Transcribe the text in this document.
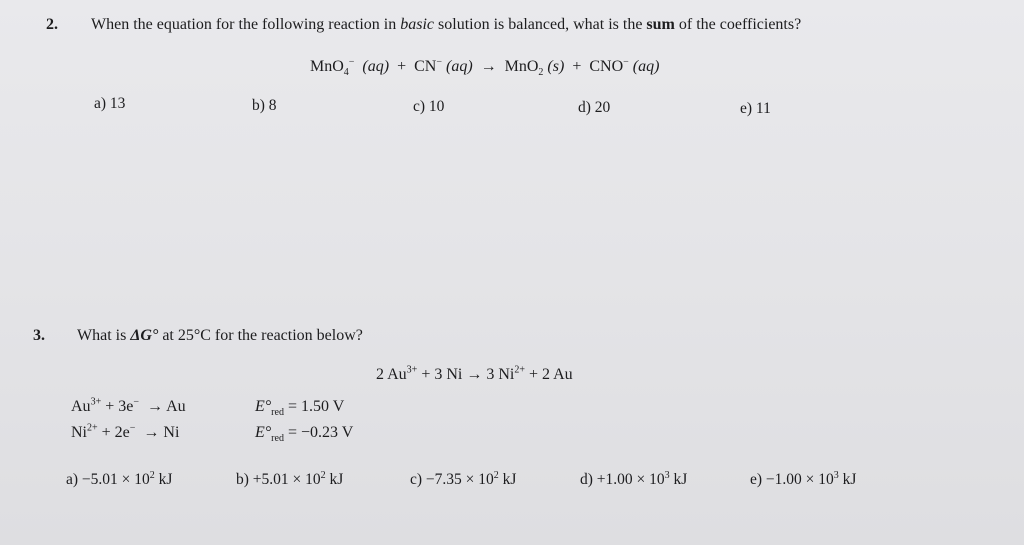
2. When the equation for the following reaction in basic solution is balanced, what is the sum of the coefficients?
MnO$_4$− (aq) + CN− (aq) → MnO$_2$ (s) + CNO− (aq)
a) 13	b) 8	c) 10	d) 20	e) 11
3. What is ΔG° at 25°C for the reaction below?
2 $Au^{3+} + 3$ Ni → 3 $Ni^{2+} + 2$ Au
$Au^{3+} + 3e^- \to Au$	$E^\circ_{red} = 1.50$ V
$Ni^{2+} + 2e^- \to Ni$	$E^\circ_{red} = -0.23$ V
$a) -5.01 \times 10^2$ kJ	$b) +5.01 \times 10^2$ kJ	$c) -7.35 \times 10^2$ kJ	$d) +1.00 \times 10^3$ kJ	$e) -1.00 \times 10^3$ kJ
